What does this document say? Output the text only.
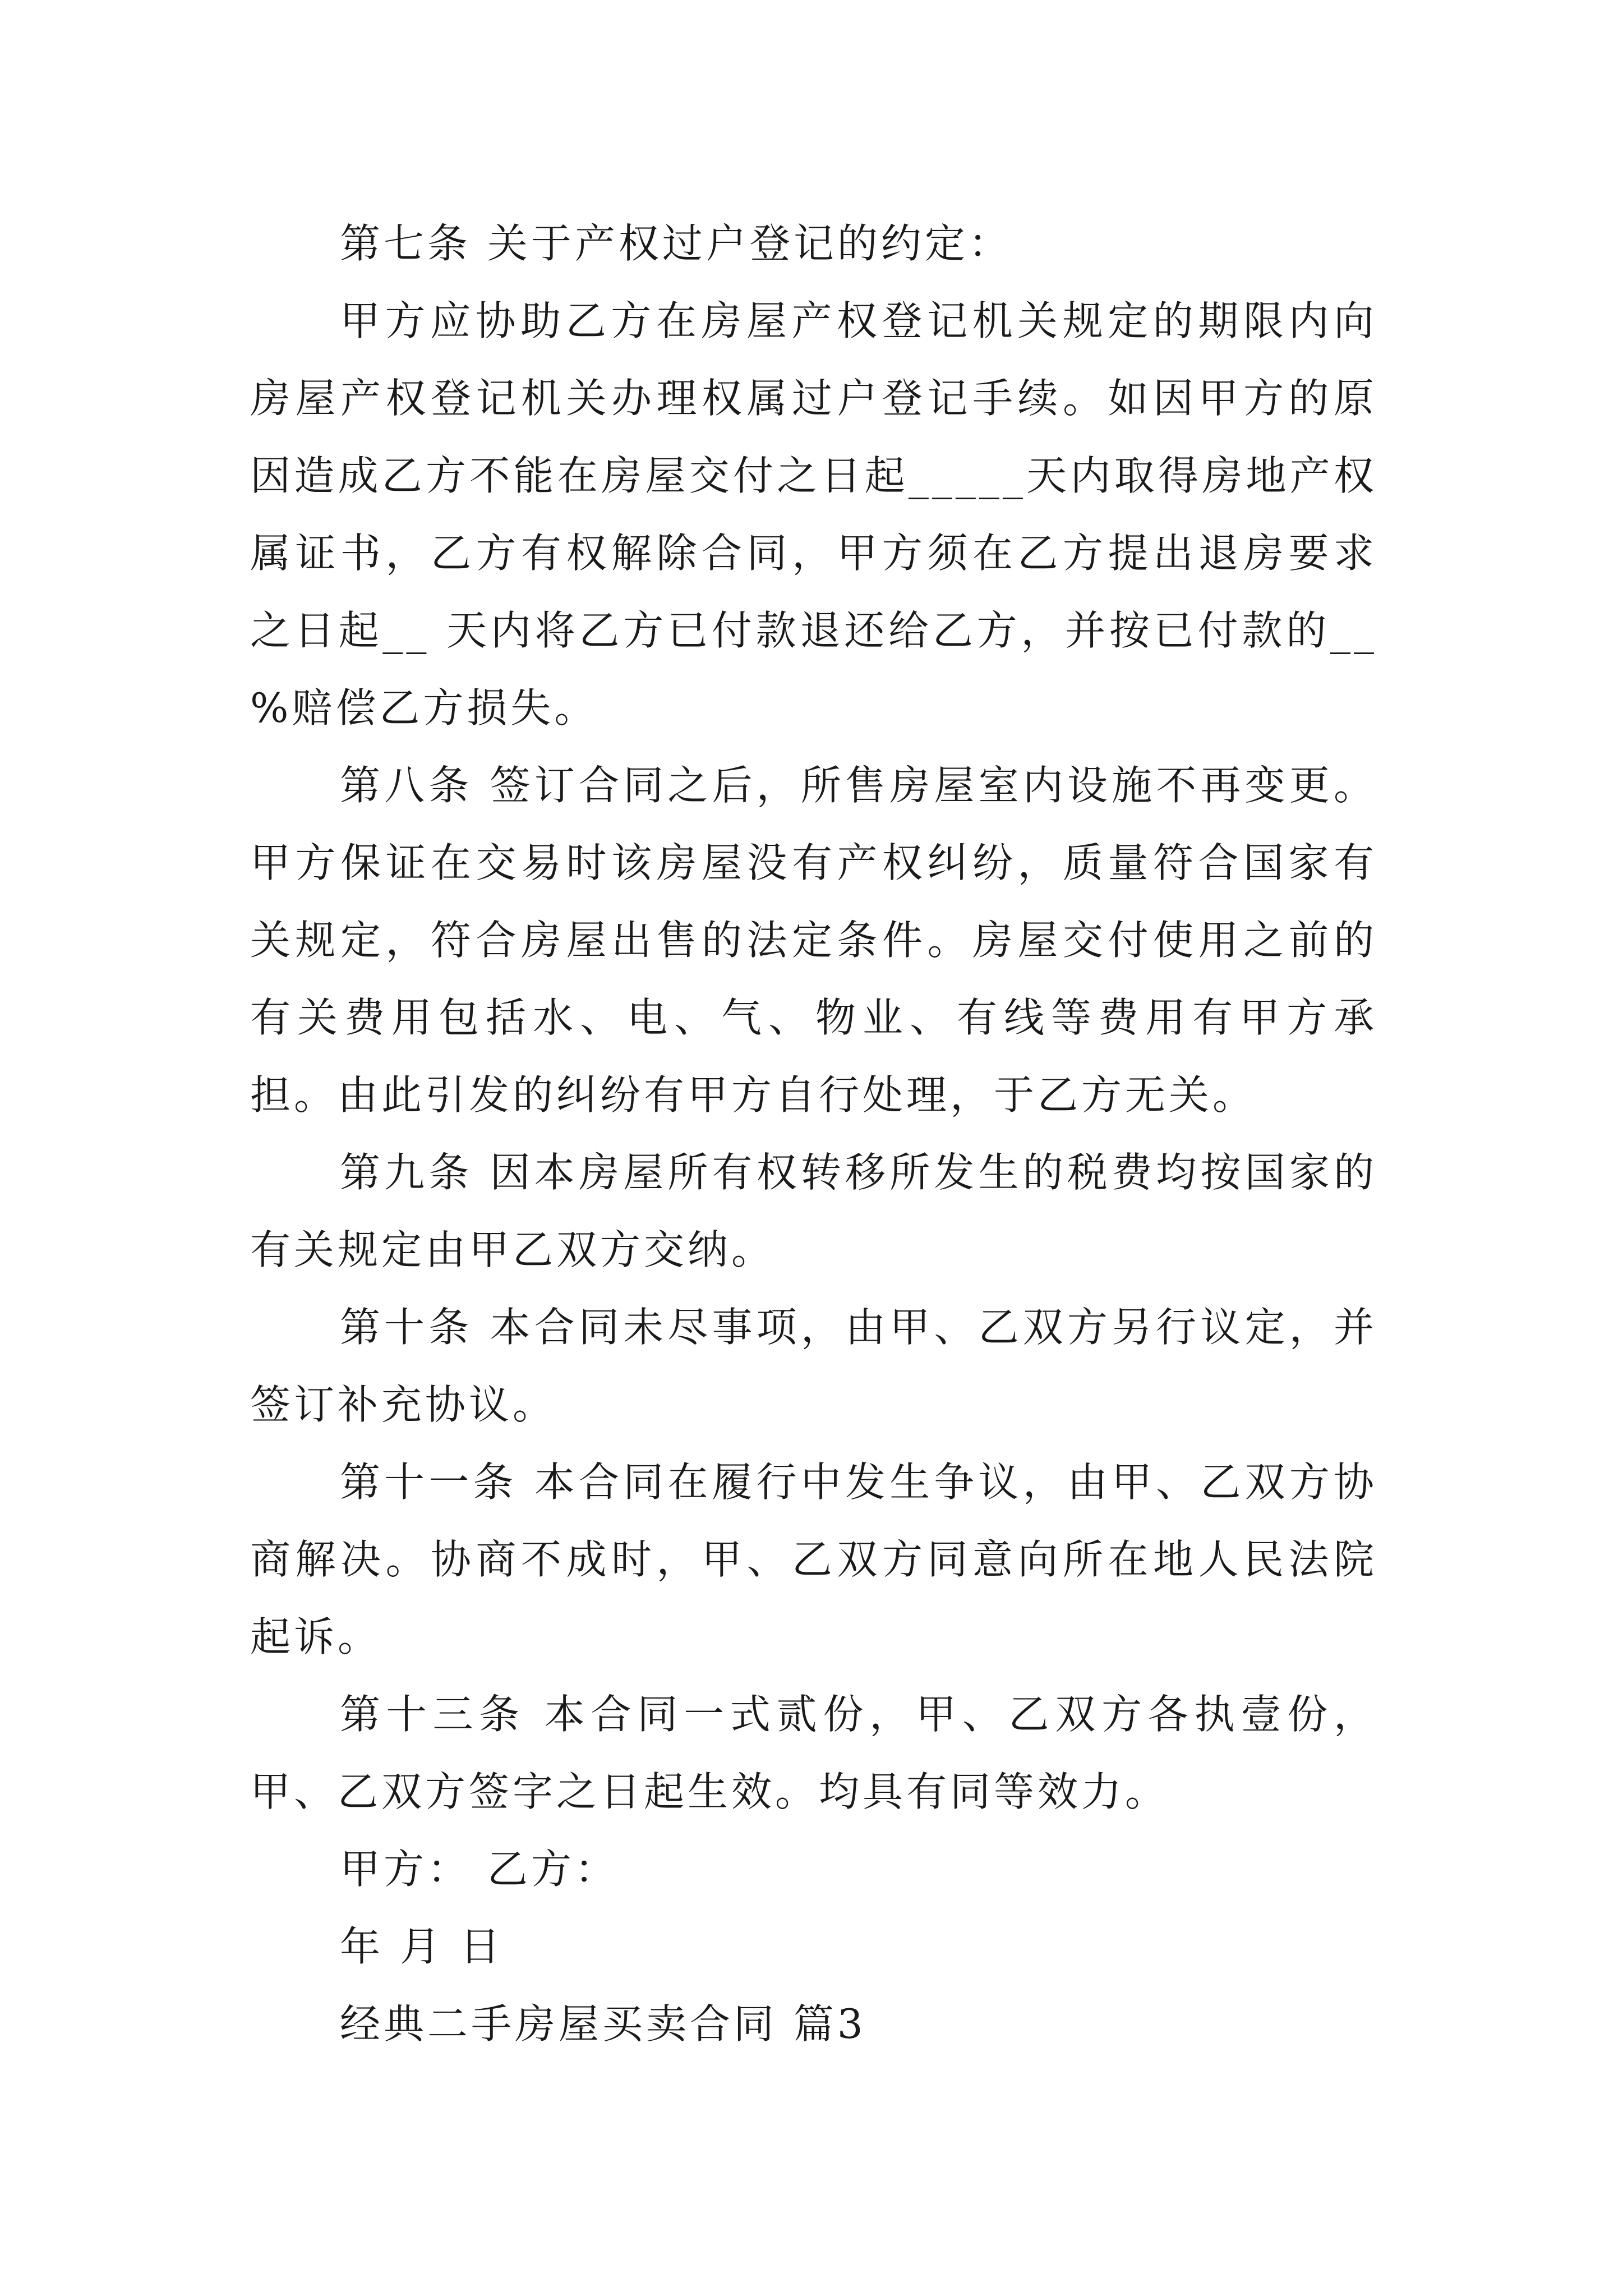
第七条 关于产权过户登记的约定：

甲方应协助乙方在房屋产权登记机关规定的期限内向房屋产权登记机关办理权属过户登记手续。如因甲方的原因造成乙方不能在房屋交付之日起_____天内取得房地产权属证书，乙方有权解除合同，甲方须在乙方提出退房要求之日起__ 天内将乙方已付款退还给乙方，并按已付款的__ %赔偿乙方损失。

第八条 签订合同之后，所售房屋室内设施不再变更。甲方保证在交易时该房屋没有产权纠纷，质量符合国家有关规定，符合房屋出售的法定条件。房屋交付使用之前的有关费用包括水、电、气、物业、有线等费用有甲方承担。由此引发的纠纷有甲方自行处理，于乙方无关。

第九条 因本房屋所有权转移所发生的税费均按国家的有关规定由甲乙双方交纳。

第十条 本合同未尽事项，由甲、乙双方另行议定，并签订补充协议。

第十一条 本合同在履行中发生争议，由甲、乙双方协商解决。协商不成时，甲、乙双方同意向所在地人民法院起诉。

第十三条 本合同一式贰份，甲、乙双方各执壹份，甲、乙双方签字之日起生效。均具有同等效力。

甲方： 乙方：

年 月 日

经典二手房屋买卖合同 篇3
